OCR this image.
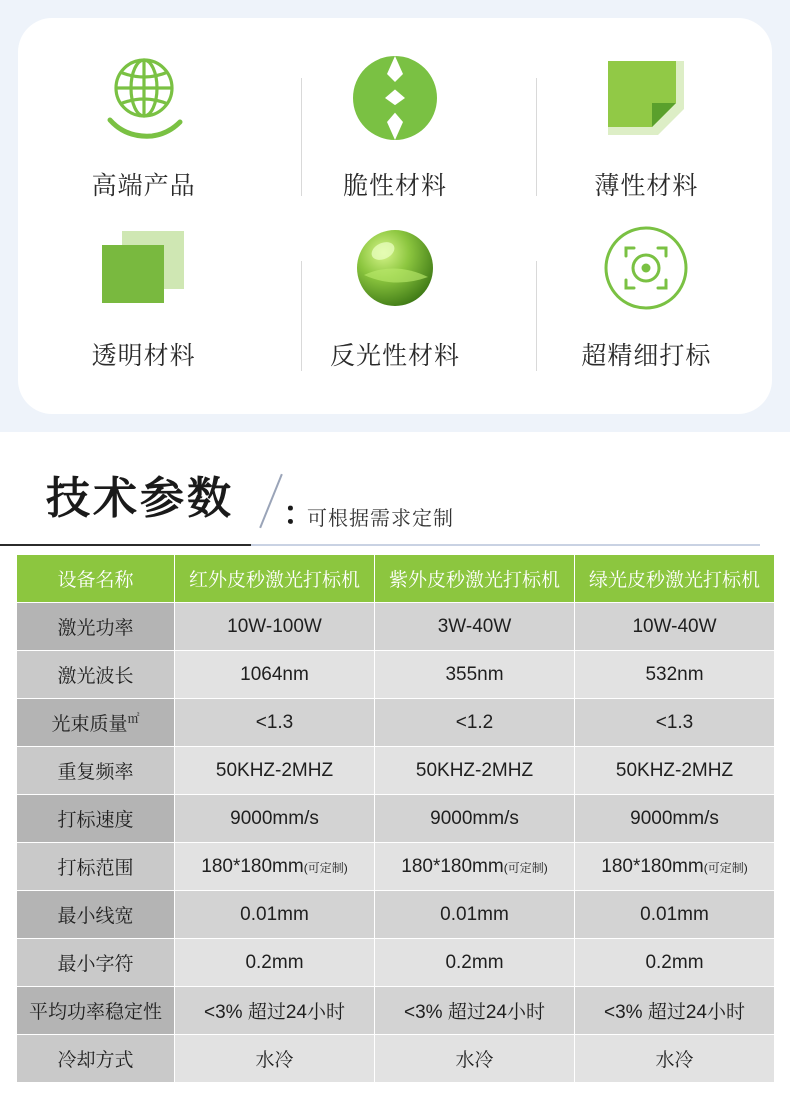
高端产品	脆性材料	薄性材料
透明材料	反光性材料	超精细打标
技术参数 ：
可根据需求定制
设备名称	红外皮秒激光打标机	紫外皮秒激光打标机	绿光皮秒激光打标机
激光功率	10W-100W	3W-40W	10W-40W
激光波长	1064nm	355nm	532nm
光束质量㎡	<1.3	<1.2	<1.3
重复频率	50KHZ-2MHZ	50KHZ-2MHZ	50KHZ-2MHZ
打标速度	9000mm/s	9000mm/s	9000mm/s
打标范围	180*180mm(可定制)	180*180mm(可定制)	180*180mm(可定制)
最小线宽	0.01mm	0.01mm	0.01mm
最小字符	0.2mm	0.2mm	0.2mm
平均功率稳定性	<3% 超过24小时	<3% 超过24小时	<3% 超过24小时
冷却方式	水冷	水冷	水冷
